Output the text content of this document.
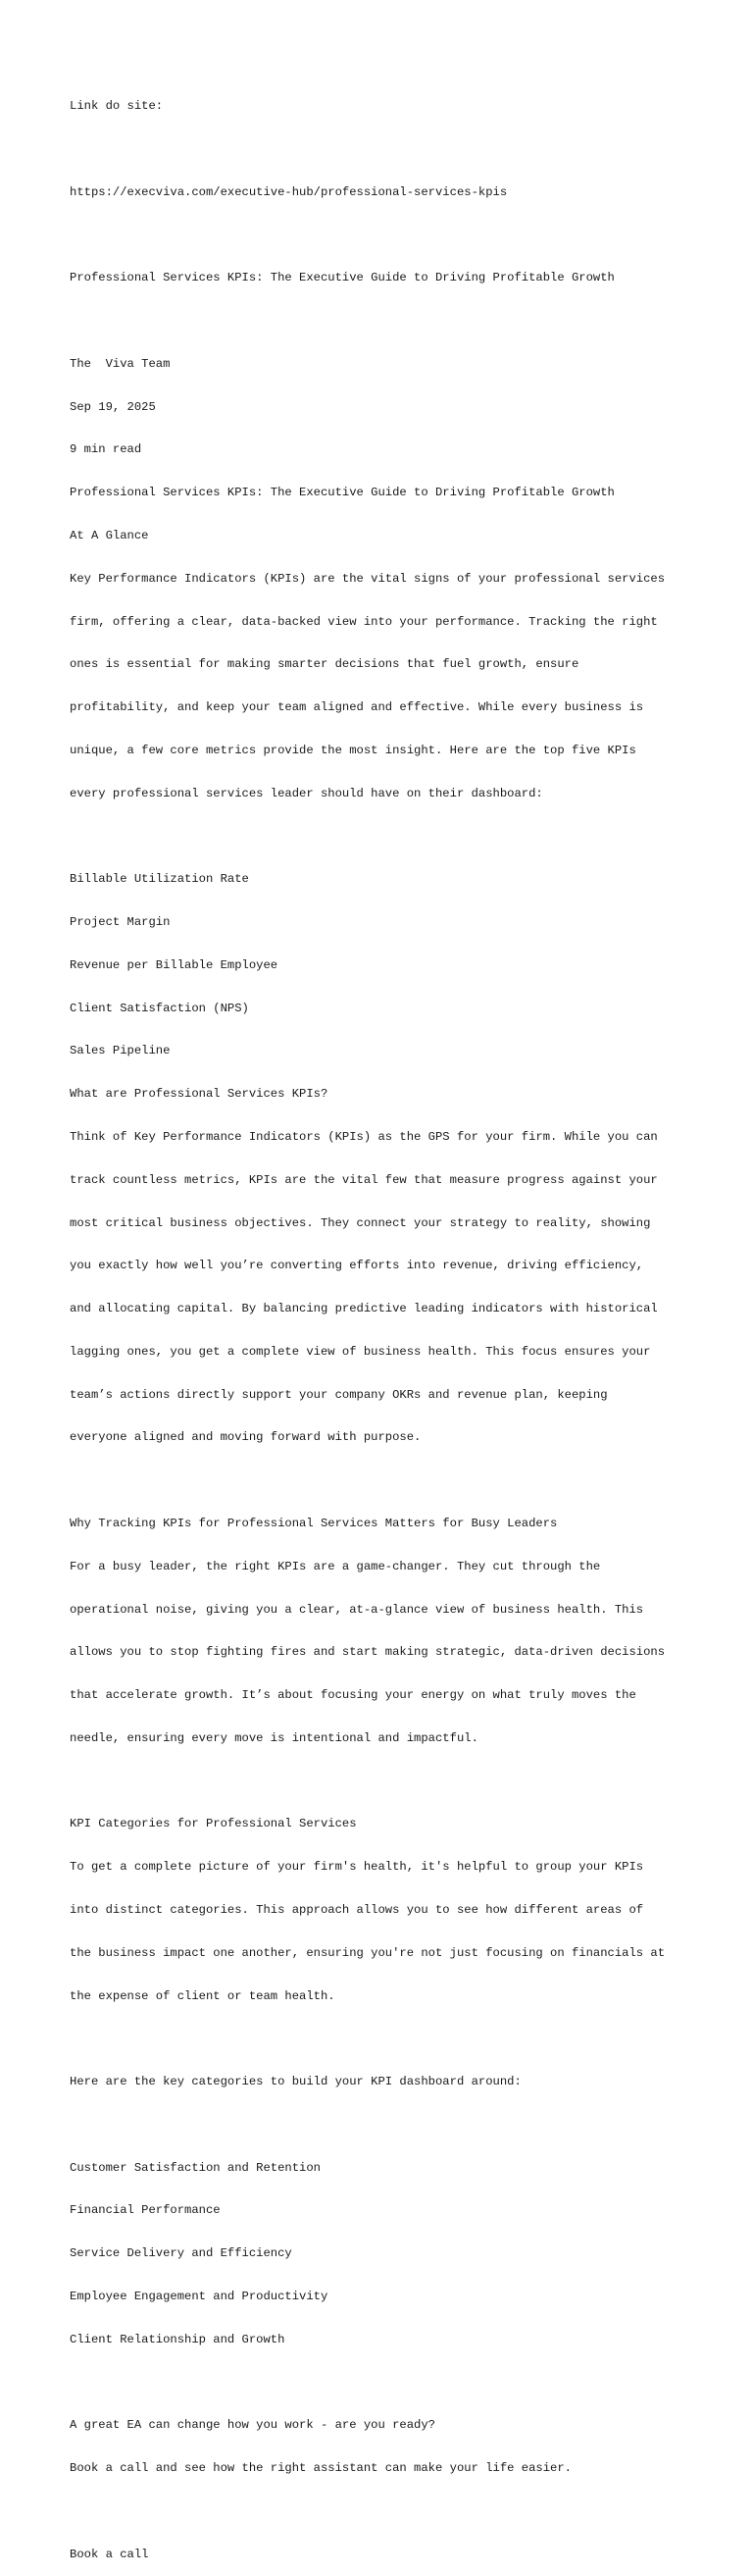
Link do site:

https://execviva.com/executive-hub/professional-services-kpis

Professional Services KPIs: The Executive Guide to Driving Profitable Growth

The  Viva Team

Sep 19, 2025

9 min read

Professional Services KPIs: The Executive Guide to Driving Profitable Growth

At A Glance

Key Performance Indicators (KPIs) are the vital signs of your professional services

firm, offering a clear, data-backed view into your performance. Tracking the right

ones is essential for making smarter decisions that fuel growth, ensure

profitability, and keep your team aligned and effective. While every business is

unique, a few core metrics provide the most insight. Here are the top five KPIs

every professional services leader should have on their dashboard:

Billable Utilization Rate

Project Margin

Revenue per Billable Employee

Client Satisfaction (NPS)

Sales Pipeline

What are Professional Services KPIs?

Think of Key Performance Indicators (KPIs) as the GPS for your firm. While you can

track countless metrics, KPIs are the vital few that measure progress against your

most critical business objectives. They connect your strategy to reality, showing

you exactly how well you’re converting efforts into revenue, driving efficiency,

and allocating capital. By balancing predictive leading indicators with historical

lagging ones, you get a complete view of business health. This focus ensures your

team’s actions directly support your company OKRs and revenue plan, keeping

everyone aligned and moving forward with purpose.

Why Tracking KPIs for Professional Services Matters for Busy Leaders

For a busy leader, the right KPIs are a game-changer. They cut through the

operational noise, giving you a clear, at-a-glance view of business health. This

allows you to stop fighting fires and start making strategic, data-driven decisions

that accelerate growth. It’s about focusing your energy on what truly moves the

needle, ensuring every move is intentional and impactful.

KPI Categories for Professional Services

To get a complete picture of your firm's health, it's helpful to group your KPIs

into distinct categories. This approach allows you to see how different areas of

the business impact one another, ensuring you're not just focusing on financials at

the expense of client or team health.

Here are the key categories to build your KPI dashboard around:

Customer Satisfaction and Retention

Financial Performance

Service Delivery and Efficiency

Employee Engagement and Productivity

Client Relationship and Growth

A great EA can change how you work - are you ready?

Book a call and see how the right assistant can make your life easier.

Book a call
